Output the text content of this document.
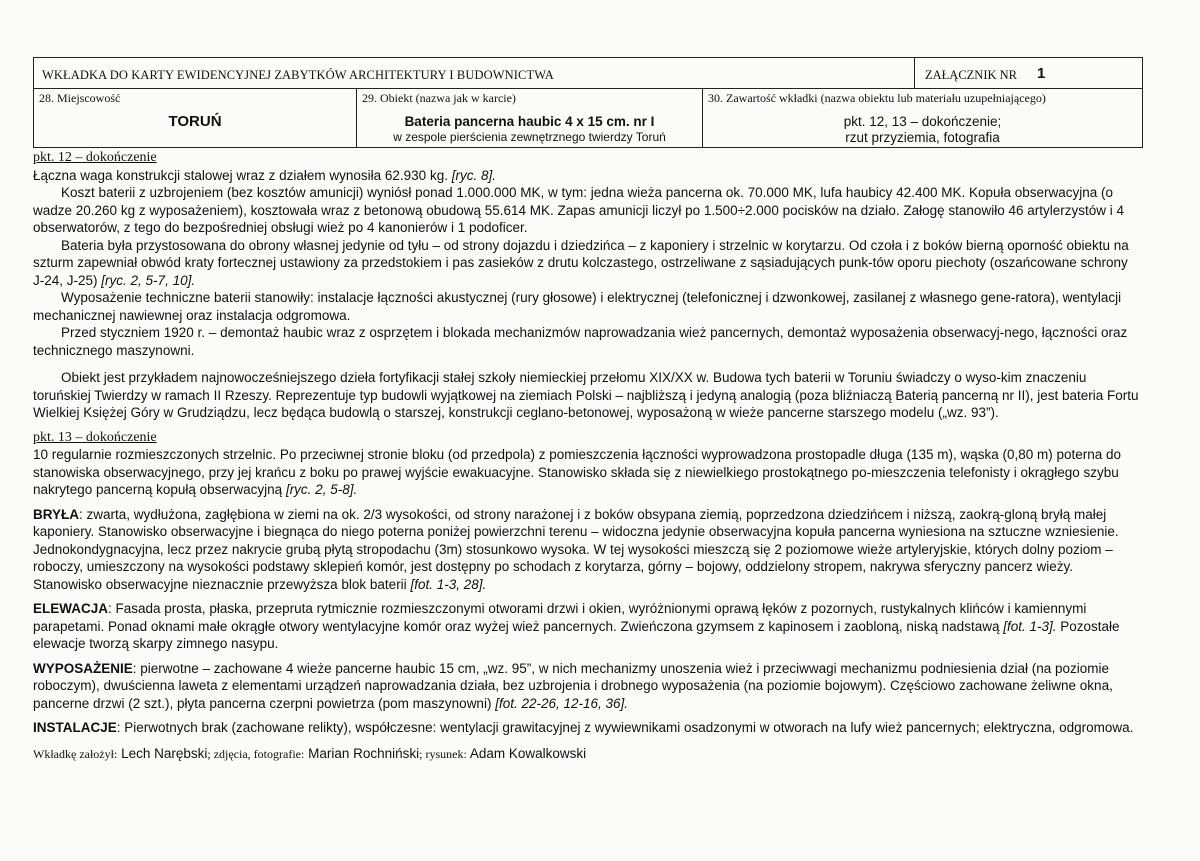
WKŁADKA DO KARTY EWIDENCYJNEJ ZABYTKÓW ARCHITEKTURY I BUDOWNICTWA	ZAŁĄCZNIK NR 1
28. Miejscowość
TORUŃ
29. Obiekt (nazwa jak w karcie)
Bateria pancerna haubic 4 x 15 cm. nr I
w zespole pierścienia zewnętrznego twierdzy Toruń
30. Zawartość wkładki (nazwa obiektu lub materiału uzupełniającego)
pkt. 12, 13 – dokończenie;
rzut przyziemia, fotografia
pkt. 12 – dokończenie

Łączna waga konstrukcji stalowej wraz z działem wynosiła 62.930 kg. [ryc. 8].

Koszt baterii z uzbrojeniem (bez kosztów amunicji) wyniósł ponad 1.000.000 MK, w tym: jedna wieża pancerna ok. 70.000 MK, lufa haubicy 42.400 MK. Kopuła obserwacyjna (o wadze 20.260 kg z wyposażeniem), kosztowała wraz z betonową obudową 55.614 MK. Zapas amunicji liczył po 1.500÷2.000 pocisków na działo. Załogę stanowiło 46 artylerzystów i 4 obserwatorów, z tego do bezpośredniej obsługi wież po 4 kanonierów i 1 podoficer.

Bateria była przystosowana do obrony własnej jedynie od tyłu – od strony dojazdu i dziedzińca – z kaponiery i strzelnic w korytarzu. Od czoła i z boków bierną oporność obiektu na szturm zapewniał obwód kraty fortecznej ustawiony za przedstokiem i pas zasieków z drutu kolczastego, ostrzeliwane z sąsiadujących punk-tów oporu piechoty (oszańcowane schrony J-24, J-25) [ryc. 2, 5-7, 10].

Wyposażenie techniczne baterii stanowiły: instalacje łączności akustycznej (rury głosowe) i elektrycznej (telefonicznej i dzwonkowej, zasilanej z własnego gene-ratora), wentylacji mechanicznej nawiewnej oraz instalacja odgromowa.

Przed styczniem 1920 r. – demontaż haubic wraz z osprzętem i blokada mechanizmów naprowadzania wież pancernych, demontaż wyposażenia obserwacyj-nego, łączności oraz technicznego maszynowni.

Obiekt jest przykładem najnowocześniejszego dzieła fortyfikacji stałej szkoły niemieckiej przełomu XIX/XX w. Budowa tych baterii w Toruniu świadczy o wyso-kim znaczeniu toruńskiej Twierdzy w ramach II Rzeszy. Reprezentuje typ budowli wyjątkowej na ziemiach Polski – najbliższą i jedyną analogią (poza bliźniaczą Baterią pancerną nr II), jest bateria Fortu Wielkiej Księżej Góry w Grudziądzu, lecz będąca budowlą o starszej, konstrukcji ceglano-betonowej, wyposażoną w wieże pancerne starszego modelu („wz. 93”).

pkt. 13 – dokończenie

10 regularnie rozmieszczonych strzelnic. Po przeciwnej stronie bloku (od przedpola) z pomieszczenia łączności wyprowadzona prostopadle długa (135 m), wąska (0,80 m) poterna do stanowiska obserwacyjnego, przy jej krańcu z boku po prawej wyjście ewakuacyjne. Stanowisko składa się z niewielkiego prostokątnego po-mieszczenia telefonisty i okrągłego szybu nakrytego pancerną kopułą obserwacyjną [ryc. 2, 5-8].

BRYŁA: zwarta, wydłużona, zagłębiona w ziemi na ok. 2/3 wysokości, od strony narażonej i z boków obsypana ziemią, poprzedzona dziedzińcem i niższą, zaokrą-gloną bryłą małej kaponiery. Stanowisko obserwacyjne i biegnąca do niego poterna poniżej powierzchni terenu – widoczna jedynie obserwacyjna kopuła pancerna wyniesiona na sztuczne wzniesienie. Jednokondygnacyjna, lecz przez nakrycie grubą płytą stropodachu (3m) stosunkowo wysoka. W tej wysokości mieszczą się 2 poziomowe wieże artyleryjskie, których dolny poziom – roboczy, umieszczony na wysokości podstawy sklepień komór, jest dostępny po schodach z korytarza, górny – bojowy, oddzielony stropem, nakrywa sferyczny pancerz wieży. Stanowisko obserwacyjne nieznacznie przewyższa blok baterii [fot. 1-3, 28].

ELEWACJA: Fasada prosta, płaska, przepruta rytmicznie rozmieszczonymi otworami drzwi i okien, wyróżnionymi oprawą łęków z pozornych, rustykalnych klińców i kamiennymi parapetami. Ponad oknami małe okrągłe otwory wentylacyjne komór oraz wyżej wież pancernych. Zwieńczona gzymsem z kapinosem i zaobloną, niską nadstawą [fot. 1-3]. Pozostałe elewacje tworzą skarpy zimnego nasypu.

WYPOSAŻENIE: pierwotne – zachowane 4 wieże pancerne haubic 15 cm, „wz. 95”, w nich mechanizmy unoszenia wież i przeciwwagi mechanizmu podniesienia dział (na poziomie roboczym), dwuścienna laweta z elementami urządzeń naprowadzania działa, bez uzbrojenia i drobnego wyposażenia (na poziomie bojowym). Częściowo zachowane żeliwne okna, pancerne drzwi (2 szt.), płyta pancerna czerpni powietrza (pom maszynowni) [fot. 22-26, 12-16, 36].

INSTALACJE: Pierwotnych brak (zachowane relikty), współczesne: wentylacji grawitacyjnej z wywiewnikami osadzonymi w otworach na lufy wież pancernych; elektryczna, odgromowa.

Wkładkę założył: Lech Narębski; zdjęcia, fotografie: Marian Rochniński; rysunek: Adam Kowalkowski
